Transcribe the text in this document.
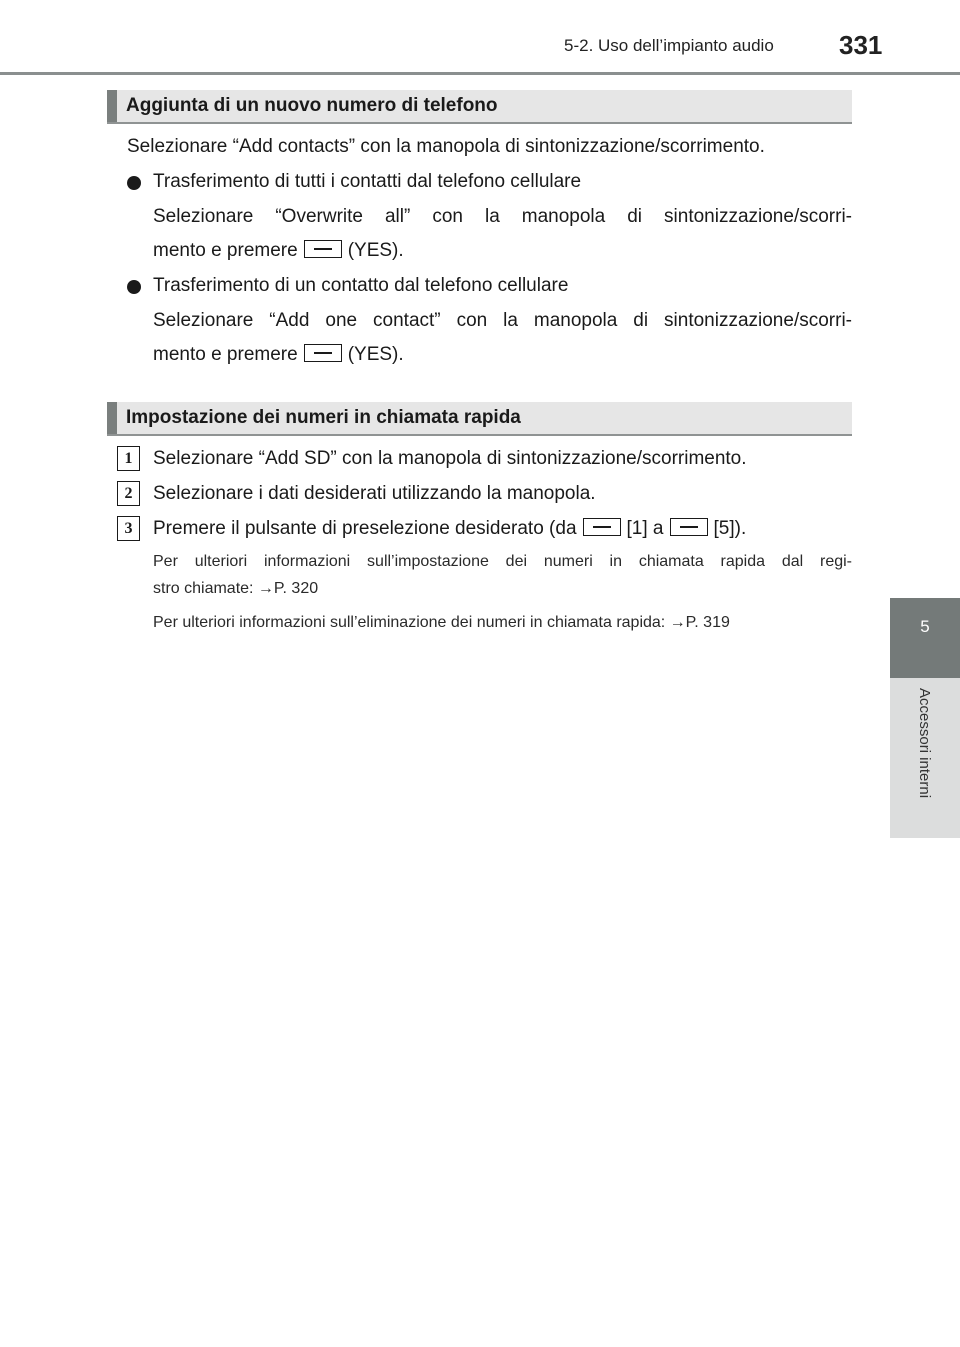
5-2. Uso dell’impianto audio	331
5
Accessori interni
Aggiunta di un nuovo numero di telefono
Selezionare “Add contacts” con la manopola di sintonizzazione/scorrimento.
Trasferimento di tutti i contatti dal telefono cellulare
Selezionare “Overwrite all” con la manopola di sintonizzazione/scorri-
mento e premere	(YES).
Trasferimento di un contatto dal telefono cellulare
Selezionare “Add one contact” con la manopola di sintonizzazione/scorri-
mento e premere	(YES).
Impostazione dei numeri in chiamata rapida
1	Selezionare “Add SD” con la manopola di sintonizzazione/scorrimento.
2	Selezionare i dati desiderati utilizzando la manopola.
3	Premere il pulsante di preselezione desiderato (da	[1] a	[5]).
Per ulteriori informazioni sull’impostazione dei numeri in chiamata rapida dal regi-
stro chiamate: →P. 320
Per ulteriori informazioni sull’eliminazione dei numeri in chiamata rapida: →P. 319
